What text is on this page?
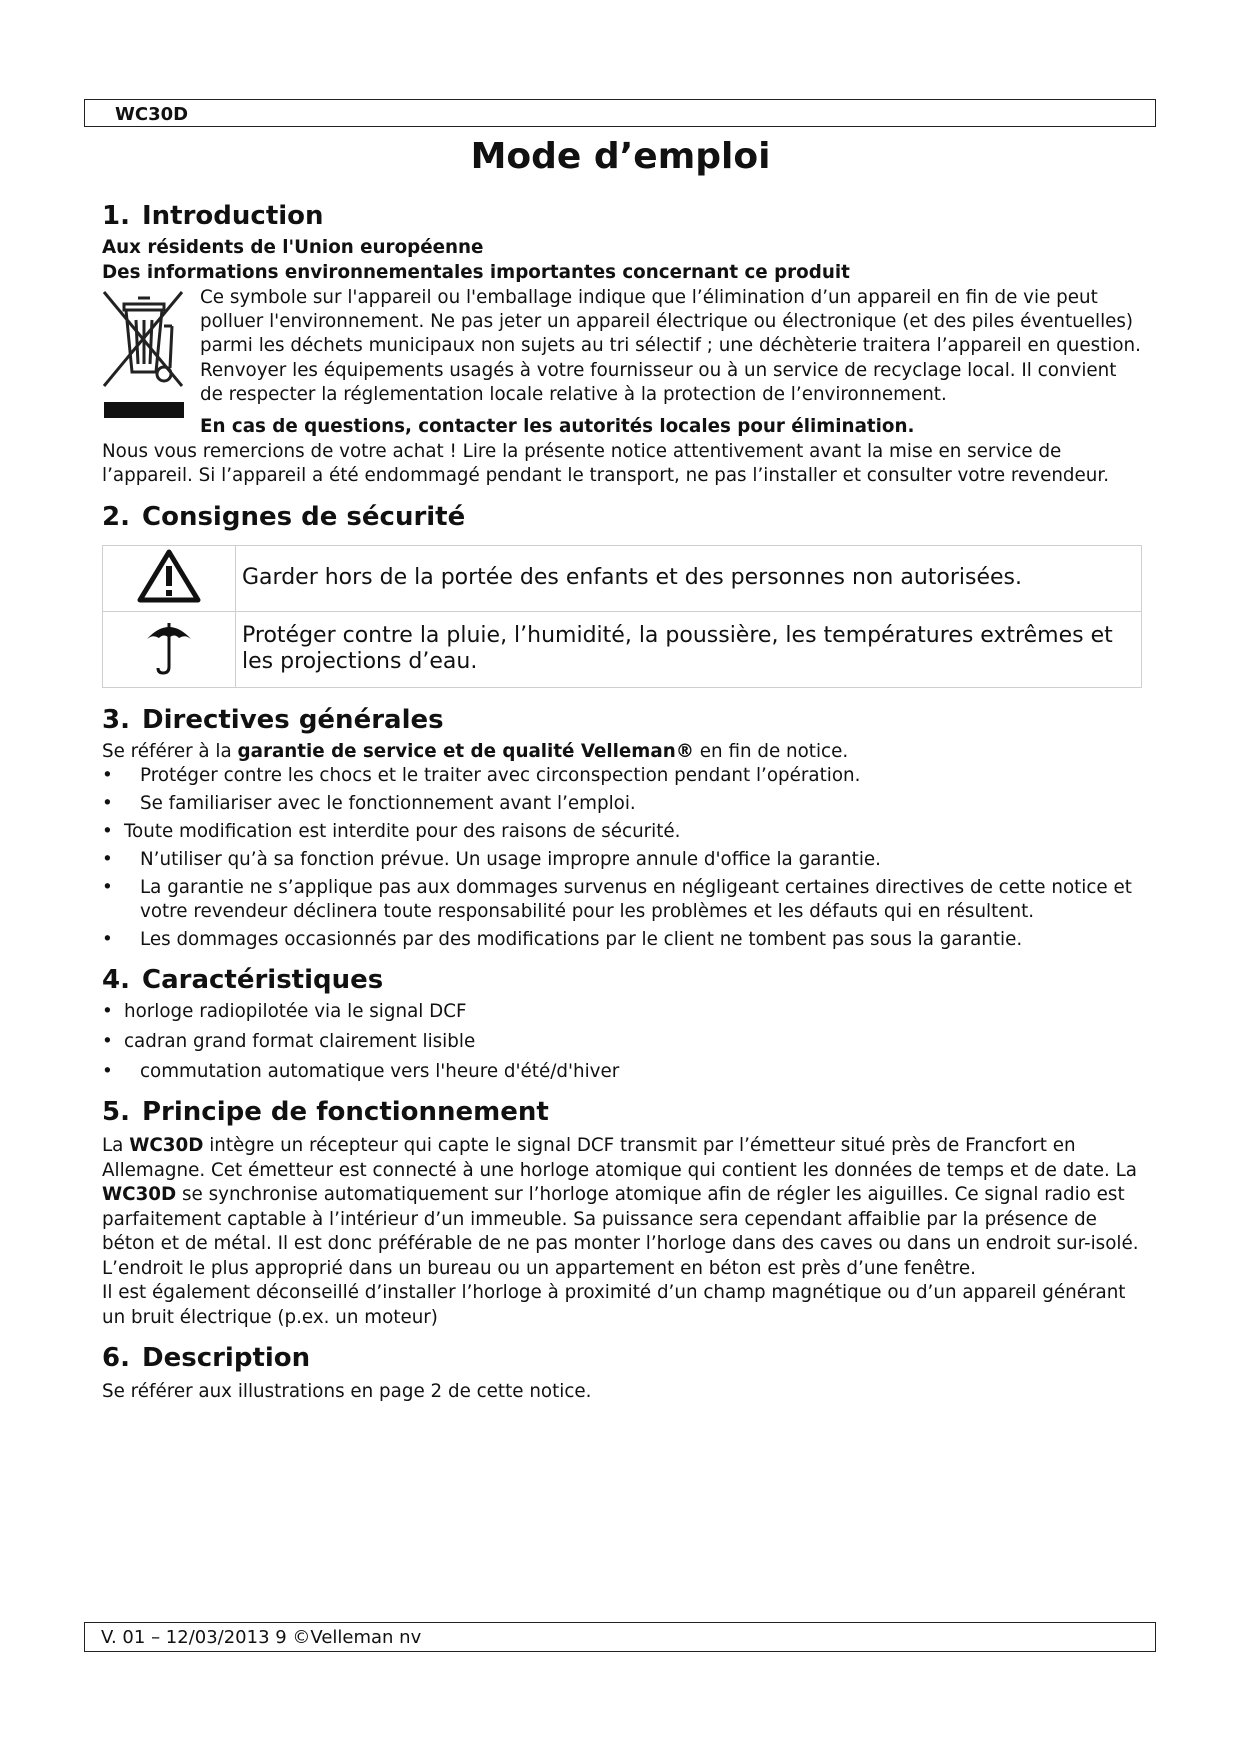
WC30D
Mode d’emploi
1. Introduction

Aux résidents de l'Union européenne

Des informations environnementales importantes concernant ce produit

Ce symbole sur l'appareil ou l'emballage indique que l’élimination d’un appareil en fin de vie peut polluer l'environnement. Ne pas jeter un appareil électrique ou électronique (et des piles éventuelles) parmi les déchets municipaux non sujets au tri sélectif ; une déchèterie traitera l’appareil en question. Renvoyer les équipements usagés à votre fournisseur ou à un service de recyclage local. Il convient de respecter la réglementation locale relative à la protection de l’environnement.

En cas de questions, contacter les autorités locales pour élimination.

Nous vous remercions de votre achat ! Lire la présente notice attentivement avant la mise en service de l’appareil. Si l’appareil a été endommagé pendant le transport, ne pas l’installer et consulter votre revendeur.

2. Consignes de sécurité
	Garder hors de la portée des enfants et des personnes non autorisées.
	Protéger contre la pluie, l’humidité, la poussière, les températures extrêmes et les projections d’eau.
3. Directives générales

Se référer à la garantie de service et de qualité Velleman® en fin de notice.

• Protéger contre les chocs et le traiter avec circonspection pendant l’opération.
• Se familiariser avec le fonctionnement avant l’emploi.
• Toute modification est interdite pour des raisons de sécurité.
• N’utiliser qu’à sa fonction prévue. Un usage impropre annule d'office la garantie.
• La garantie ne s’applique pas aux dommages survenus en négligeant certaines directives de cette notice et votre revendeur déclinera toute responsabilité pour les problèmes et les défauts qui en résultent.
• Les dommages occasionnés par des modifications par le client ne tombent pas sous la garantie.
4. Caractéristiques
• horloge radiopilotée via le signal DCF
• cadran grand format clairement lisible
• commutation automatique vers l'heure d'été/d'hiver
5. Principe de fonctionnement

La WC30D intègre un récepteur qui capte le signal DCF transmit par l’émetteur situé près de Francfort en Allemagne. Cet émetteur est connecté à une horloge atomique qui contient les données de temps et de date. La WC30D se synchronise automatiquement sur l’horloge atomique afin de régler les aiguilles. Ce signal radio est parfaitement captable à l’intérieur d’un immeuble. Sa puissance sera cependant affaiblie par la présence de béton et de métal. Il est donc préférable de ne pas monter l’horloge dans des caves ou dans un endroit sur-isolé. L’endroit le plus approprié dans un bureau ou un appartement en béton est près d’une fenêtre.

Il est également déconseillé d’installer l’horloge à proximité d’un champ magnétique ou d’un appareil générant un bruit électrique (p.ex. un moteur)

6. Description

Se référer aux illustrations en page 2 de cette notice.

V. 01 – 12/03/2013 9 ©Velleman nv
